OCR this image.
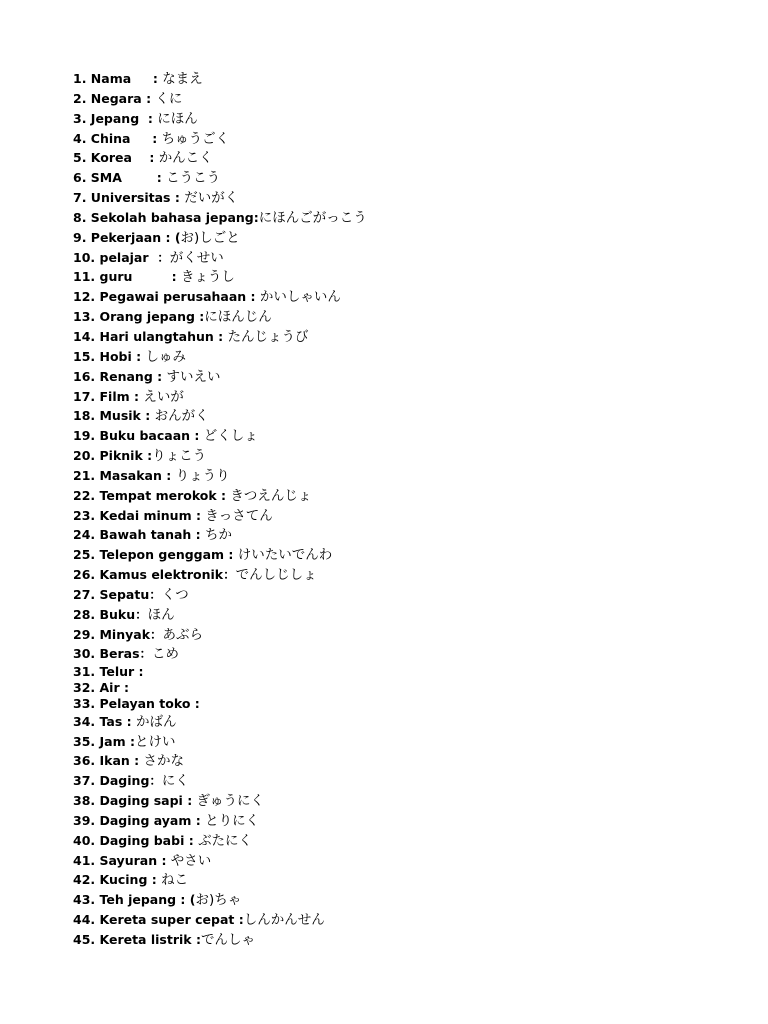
1. Nama     : なまえ
2. Negara : くに
3. Jepang  : にほん
4. China     : ちゅうごく
5. Korea    : かんこく
6. SMA        : こうこう
7. Universitas : だいがく
8. Sekolah bahasa jepang:にほんごがっこう
9. Pekerjaan : (お)しごと
10. pelajar  ：がくせい
11. guru         : きょうし
12. Pegawai perusahaan : かいしゃいん
13. Orang jepang :にほんじん
14. Hari ulangtahun : たんじょうび
15. Hobi : しゅみ
16. Renang : すいえい
17. Film : えいが
18. Musik : おんがく
19. Buku bacaan : どくしょ
20. Piknik :りょこう
21. Masakan : りょうり
22. Tempat merokok : きつえんじょ
23. Kedai minum : きっさてん
24. Bawah tanah : ちか
25. Telepon genggam : けいたいでんわ
26. Kamus elektronik：でんしじしょ
27. Sepatu：くつ
28. Buku：ほん
29. Minyak：あぶら
30. Beras：こめ
31. Telur :
32. Air :
33. Pelayan toko :
34. Tas : かばん
35. Jam :とけい
36. Ikan : さかな
37. Daging：にく
38. Daging sapi : ぎゅうにく
39. Daging ayam : とりにく
40. Daging babi : ぶたにく
41. Sayuran : やさい
42. Kucing : ねこ
43. Teh jepang : (お)ちゃ
44. Kereta super cepat :しんかんせん
45. Kereta listrik :でんしゃ
